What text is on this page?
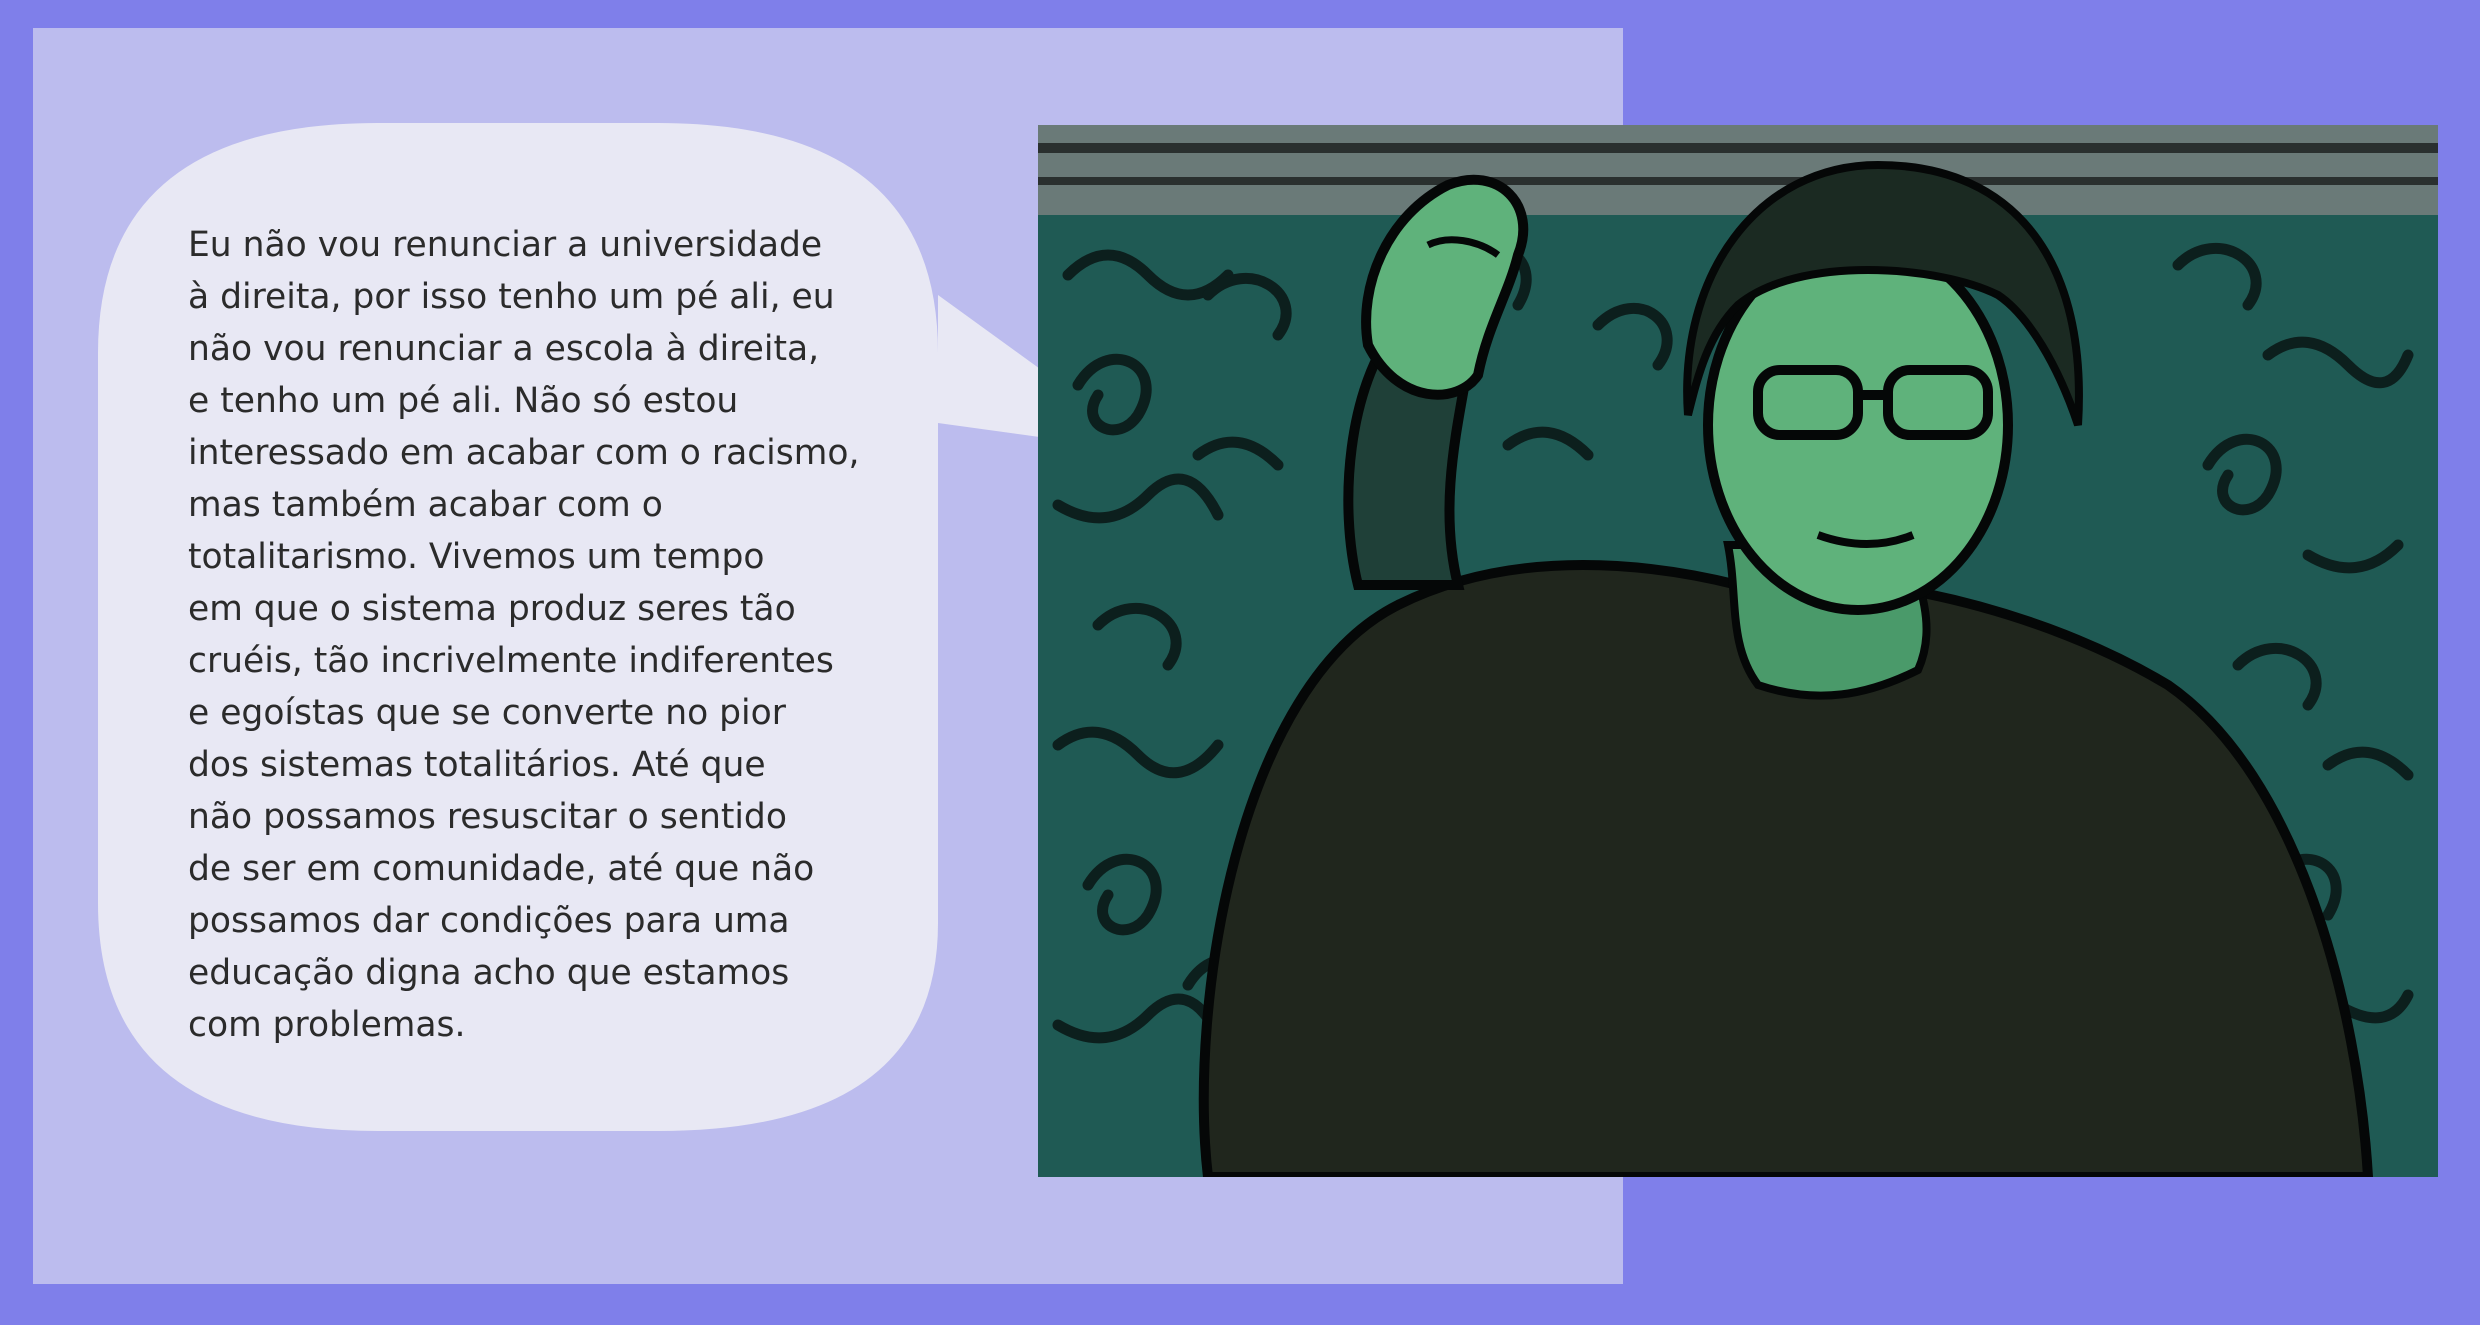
Eu não vou renunciar a universidade
à direita, por isso tenho um pé ali, eu
não vou renunciar a escola à direita,
e tenho um pé ali. Não só estou
interessado em acabar com o racismo,
mas também acabar com o
totalitarismo. Vivemos um tempo
em que o sistema produz seres tão
cruéis, tão incrivelmente indiferentes
e egoístas que se converte no pior
dos sistemas totalitários. Até que
não possamos resuscitar o sentido
de ser em comunidade, até que não
possamos dar condições para uma
educação digna acho que estamos
com problemas.
